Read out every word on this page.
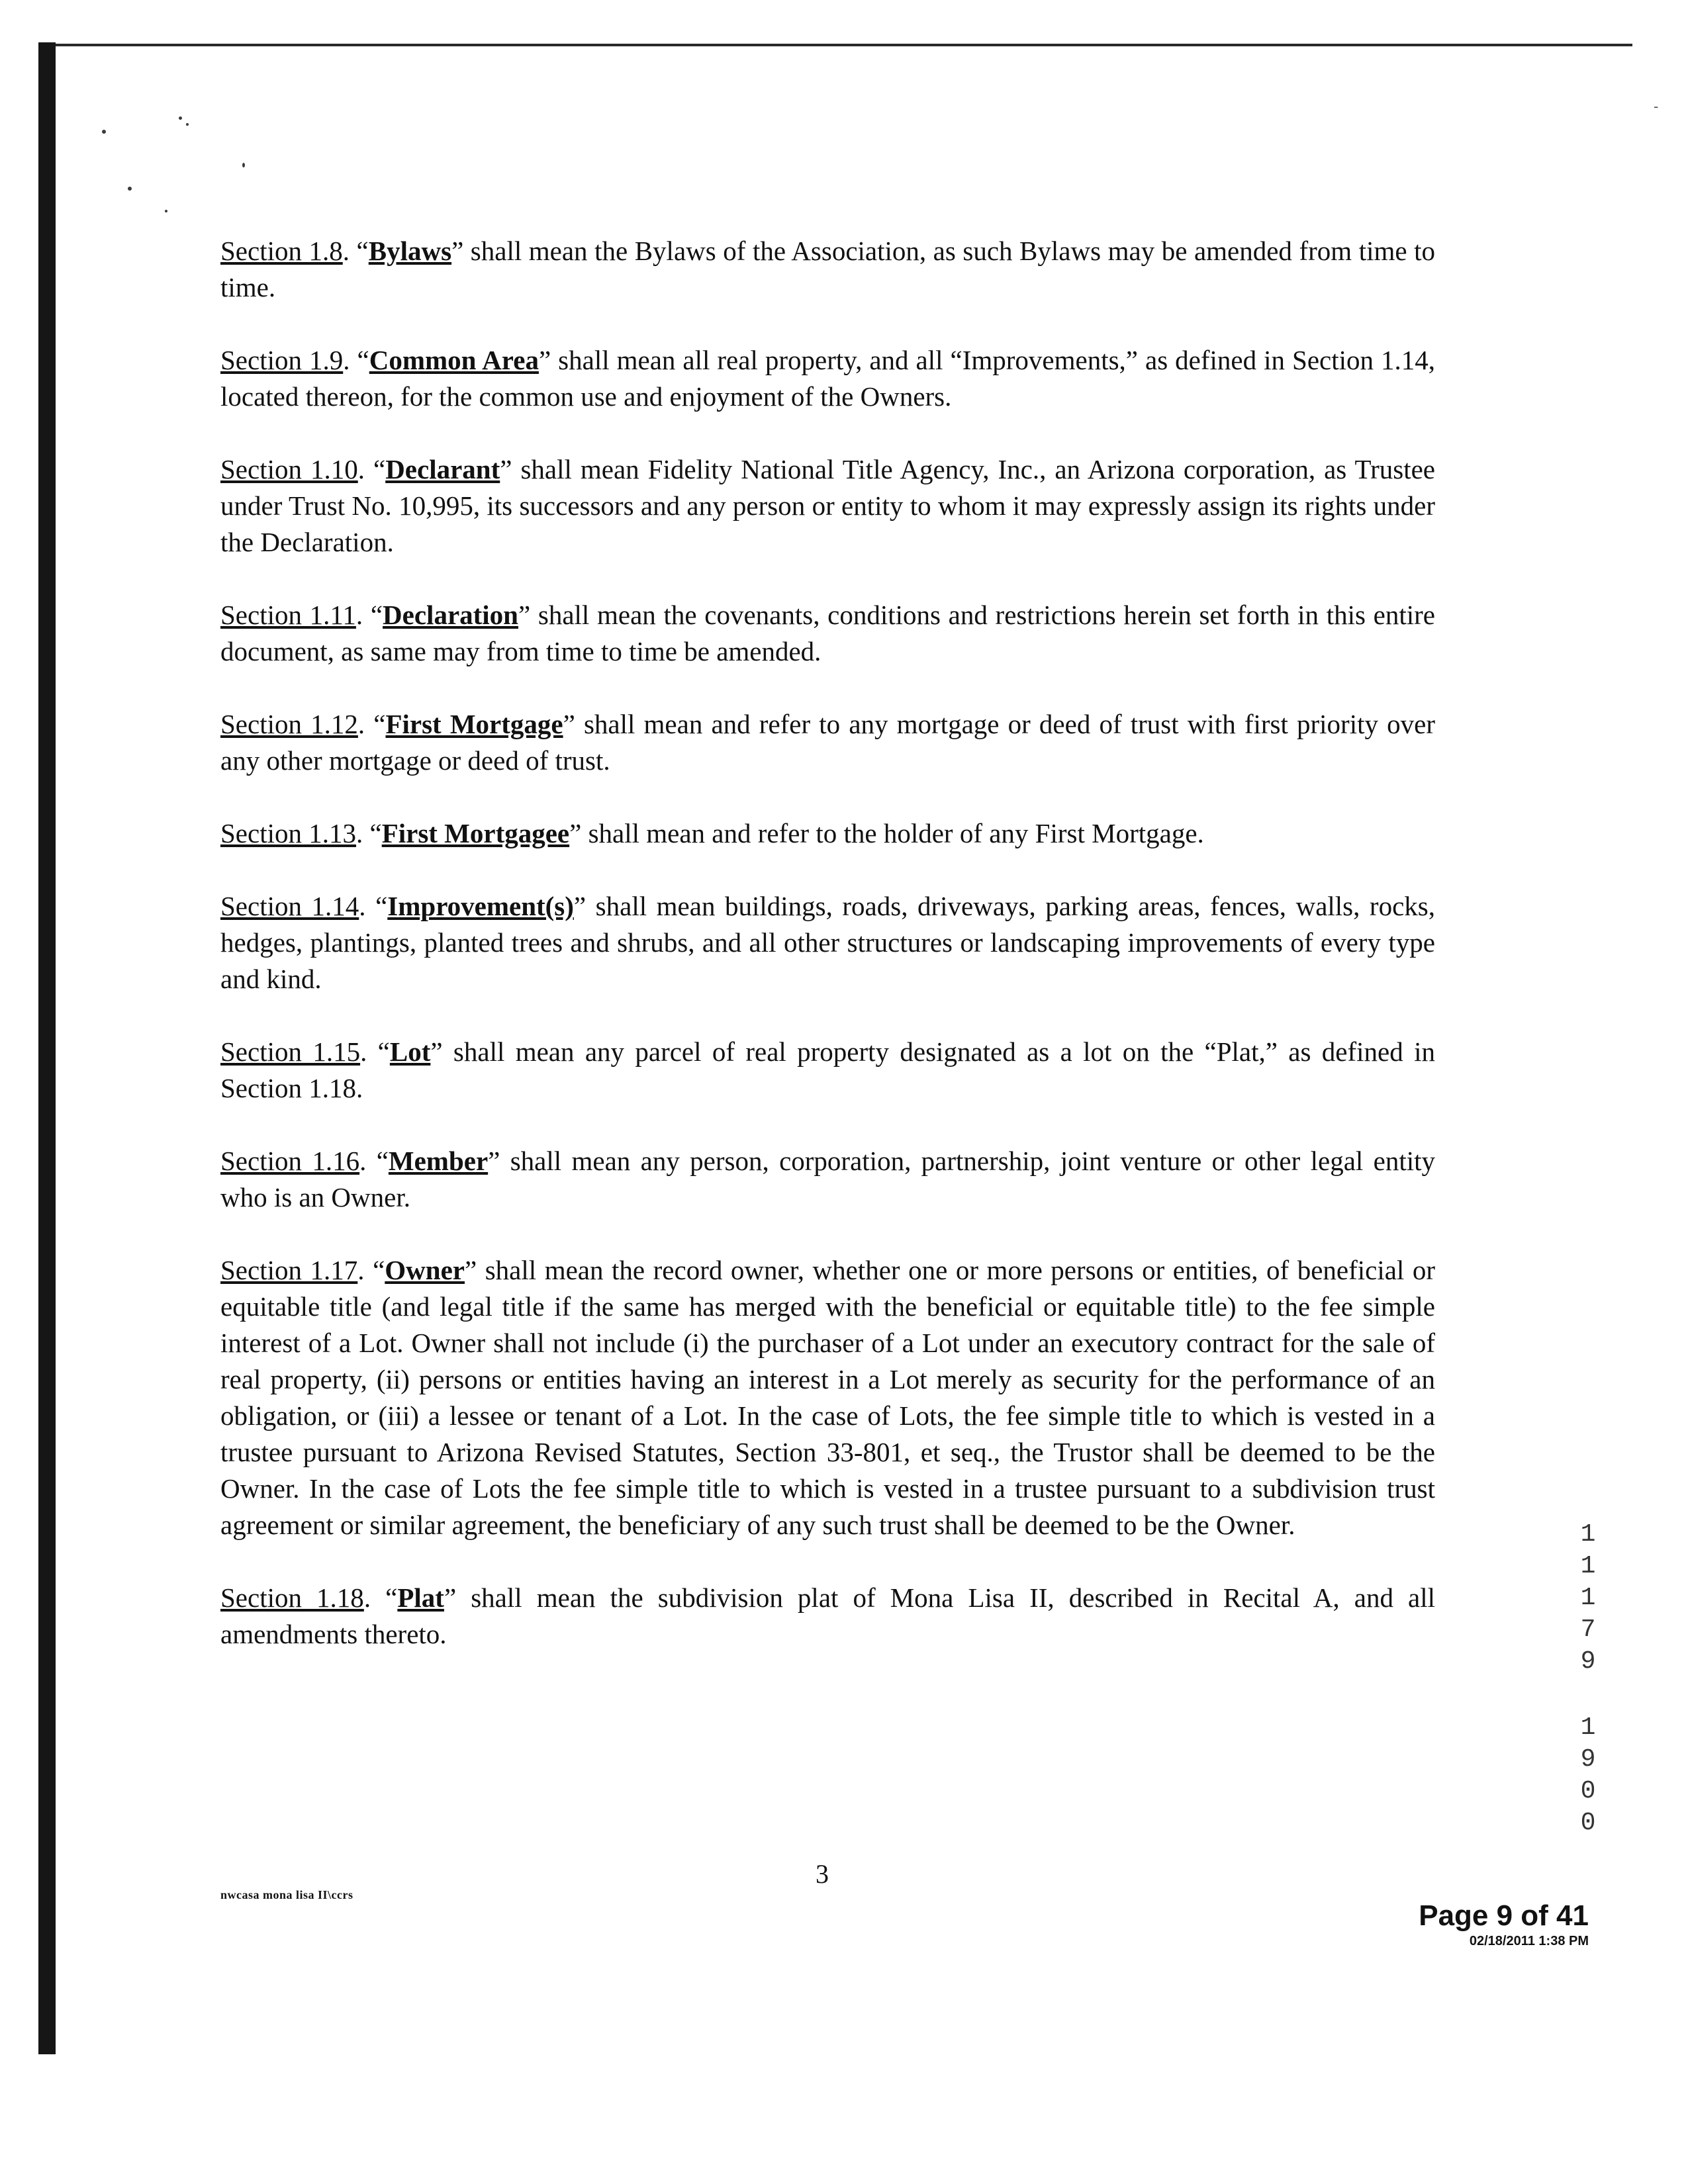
-

Section 1.8. “Bylaws” shall mean the Bylaws of the Association, as such Bylaws may be amended from time to time.

Section 1.9. “Common Area” shall mean all real property, and all “Improvements,” as defined in Section 1.14, located thereon, for the common use and enjoyment of the Owners.

Section 1.10. “Declarant” shall mean Fidelity National Title Agency, Inc., an Arizona corporation, as Trustee under Trust No. 10,995, its successors and any person or entity to whom it may expressly assign its rights under the Declaration.

Section 1.11. “Declaration” shall mean the covenants, conditions and restrictions herein set forth in this entire document, as same may from time to time be amended.

Section 1.12. “First Mortgage” shall mean and refer to any mortgage or deed of trust with first priority over any other mortgage or deed of trust.

Section 1.13. “First Mortgagee” shall mean and refer to the holder of any First Mortgage.

Section 1.14. “Improvement(s)” shall mean buildings, roads, driveways, parking areas, fences, walls, rocks, hedges, plantings, planted trees and shrubs, and all other structures or landscaping improvements of every type and kind.

Section 1.15. “Lot” shall mean any parcel of real property designated as a lot on the “Plat,” as defined in Section 1.18.

Section 1.16. “Member” shall mean any person, corporation, partnership, joint venture or other legal entity who is an Owner.

Section 1.17. “Owner” shall mean the record owner, whether one or more persons or entities, of beneficial or equitable title (and legal title if the same has merged with the beneficial or equitable title) to the fee simple interest of a Lot. Owner shall not include (i) the purchaser of a Lot under an executory contract for the sale of real property, (ii) persons or entities having an interest in a Lot merely as security for the performance of an obligation, or (iii) a lessee or tenant of a Lot. In the case of Lots, the fee simple title to which is vested in a trustee pursuant to Arizona Revised Statutes, Section 33-801, et seq., the Trustor shall be deemed to be the Owner. In the case of Lots the fee simple title to which is vested in a trustee pursuant to a subdivision trust agreement or similar agreement, the beneficiary of any such trust shall be deemed to be the Owner.

Section 1.18. “Plat” shall mean the subdivision plat of Mona Lisa II, described in Recital A, and all amendments thereto.

nwcasa mona lisa II\ccrs
3
Page 9 of 41
02/18/2011 1:38 PM
1
1
1
7
9
1
9
0
0
